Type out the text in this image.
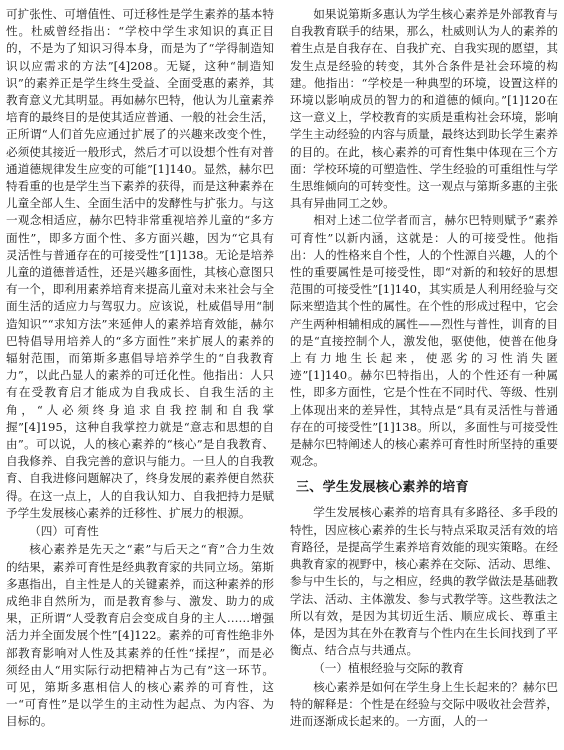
可扩张性、可增值性、可迁移性是学生素养的基本特性。杜威曾经指出：“学校中学生求知识的真正目的，不是为了知识习得本身，而是为了“学得制造知识以应需求的方法”[4]208。无疑，这种“制造知识”的素养正是学生终生受益、全面受惠的素养，其教育意义尤其明显。再如赫尔巴特，他认为儿童素养培育的最终目的是使其适应普通、一般的社会生活，正所谓“人们首先应通过扩展了的兴趣来改变个性，必须使其接近一般形式，然后才可以设想个性有对普通道德规律发生应变的可能”[1]140。显然，赫尔巴特看重的也是学生当下素养的获得，而是这种素养在儿童全部人生、全面生活中的发酵性与扩张力。与这一观念相适应，赫尔巴特非常重视培养儿童的“多方面性”，即多方面个性、多方面兴趣，因为“它具有灵活性与普通存在的可接受性”[1]138。无论是培养儿童的道德普适性，还是兴趣多面性，其核心意图只有一个，即利用素养培育来提高儿童对未来社会与全面生活的适应力与驾驭力。应该说，杜威倡导用“制造知识”“求知方法”来延伸人的素养培育效能，赫尔巴特倡导用培养人的“多方面性”来扩展人的素养的辐射范围，而第斯多惠倡导培养学生的“自我教育力”，以此凸显人的素养的可迁化性。他指出：人只有在受教育启才能成为自我成长、自我生活的主角，“人必须终身追求自我控制和自我掌握”[4]195，这种自我掌控力就是“意志和思想的自由”。可以说，人的核心素养的“核心”是自我教育、自我修养、自我完善的意识与能力。一旦人的自我教育、自我进修问题解决了，终身发展的素养便自然获得。在这一点上，人的自我认知力、自我把持力是赋予学生发展核心素养的迁移性、扩展力的根源。

（四）可育性

核心素养是先天之“素”与后天之“育”合力生效的结果，素养可育性是经典教育家的共同立场。第斯多惠指出，自主性是人的关键素养，而这种素养的形成绝非自然所为，而是教育参与、激发、助力的成果，正所谓“人受教育启会变成自身的主人……增强活力并全面发展个性”[4]122。素养的可育性绝非外部教育影响对人性及其素养的任性“揉捏”，而是必须经由人“用实际行动把精神占为己有”这一环节。可见，第斯多惠相信人的核心素养的可育性，这一“可育性”是以学生的主动性为起点、为内容、为目标的。

如果说第斯多惠认为学生核心素养是外部教育与自我教育联手的结果，那么，杜威则认为人的素养的着生点是自我存在、自我扩充、自我实现的愿望，其发生点是经验的转变，其外合条件是社会环境的构建。他指出：“学校是一种典型的环境，设置这样的环境以影响成员的智力的和道德的倾向。”[1]120在这一意义上，学校教育的实质是重构社会环境，影响学生主动经验的内容与质量，最终达到助长学生素养的目的。在此，核心素养的可育性集中体现在三个方面：学校环境的可塑造性、学生经验的可重组性与学生思维倾向的可转变性。这一观点与第斯多惠的主张具有异曲同工之妙。

相对上述二位学者而言，赫尔巴特则赋予“素养可育性”以新内涵，这就是：人的可接受性。他指出：人的性格来自个性，人的个性源自兴趣，人的个性的重要属性是可接受性，即“对新的和较好的思想范围的可接受性”[1]140，其实质是人利用经验与交际来塑造其个性的属性。在个性的形成过程中，它会产生两种相辅相成的属性——烈性与普性，训育的目的是“直接控制个人，激发他，驱使他，使普在他身上有力地生长起来，使恶劣的习性消失匿迹”[1]140。赫尔巴特指出，人的个性还有一种属性，即多方面性，它是个性在不同时代、等级、性别上体现出来的差异性，其特点是“具有灵活性与普通存在的可接受性”[1]138。所以，多面性与可接受性是赫尔巴特阐述人的核心素养可育性时所坚持的重要观念。

三、学生发展核心素养的培育

学生发展核心素养的培育具有多路径、多手段的特性，因应核心素养的生长与特点采取灵活有效的培育路径，是提高学生素养培育效能的现实策略。在经典教育家的视野中，核心素养在交际、活动、思维、参与中生长的，与之相应，经典的教学做法是基础教学法、活动、主体激发、参与式教学等。这些教法之所以有效，是因为其切近生活、顺应成长、尊重主体，是因为其在外在教育与个性内在生长间找到了平衡点、结合点与共通点。

（一）植根经验与交际的教育

核心素养是如何在学生身上生长起来的？赫尔巴特的解释是：个性是在经验与交际中吸收社会营养，进而逐渐成长起来的。一方面，人的一
